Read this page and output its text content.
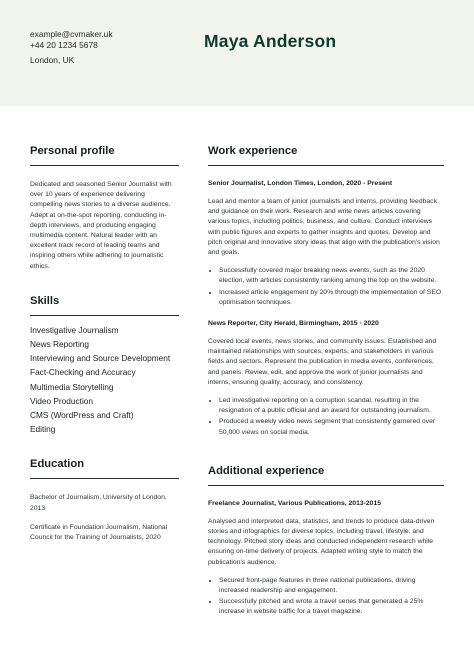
example@cvmaker.uk
+44 20 1234 5678
London, UK
Maya Anderson
Personal profile

Dedicated and seasoned Senior Journalist with over 10 years of experience delivering compelling news stories to a diverse audience. Adept at on-the-spot reporting, conducting in-depth interviews, and producing engaging multimedia content. Natural leader with an excellent track record of leading teams and inspiring others while adhering to journalistic ethics.

Skills
Investigative Journalism
News Reporting
Interviewing and Source Development
Fact-Checking and Accuracy
Multimedia Storytelling
Video Production
CMS (WordPress and Craft)
Editing
Education

Bachelor of Journalism, University of London, 2013

Certificate in Foundation Journalism, National Council for the Training of Journalists, 2020

Work experience

Senior Journalist, London Times, London, 2020 - Present

Lead and mentor a team of junior journalists and interns, providing feedback and guidance on their work. Research and write news articles covering various topics, including politics, business, and culture. Conduct interviews with public figures and experts to gather insights and quotes. Develop and pitch original and innovative story ideas that align with the publication's vision and goals.

• Successfully covered major breaking news events, such as the 2020 election, with articles consistently ranking among the top on the website.
• Increased article engagement by 20% through the implementation of SEO optimisation techniques.

News Reporter, City Herald, Birmingham, 2015 - 2020

Covered local events, news stories, and community issues. Established and maintained relationships with sources, experts, and stakeholders in various fields and sectors. Represent the publication in media events, conferences, and panels. Review, edit, and approve the work of junior journalists and interns, ensuring quality, accuracy, and consistency.

• Led investigative reporting on a corruption scandal, resulting in the resignation of a public official and an award for outstanding journalism.
• Produced a weekly video news segment that consistently garnered over 50,000 views on social media.
Additional experience

Freelance Journalist, Various Publications, 2013-2015

Analysed and interpreted data, statistics, and trends to produce data-driven stories and infographics for diverse topics, including travel, lifestyle, and technology. Pitched story ideas and conducted independent research while ensuring on-time delivery of projects. Adapted writing style to match the publication's audience.

• Secured front-page features in three national publications, driving increased readership and engagement.
• Successfully pitched and wrote a travel series that generated a 25% increase in website traffic for a travel magazine.
